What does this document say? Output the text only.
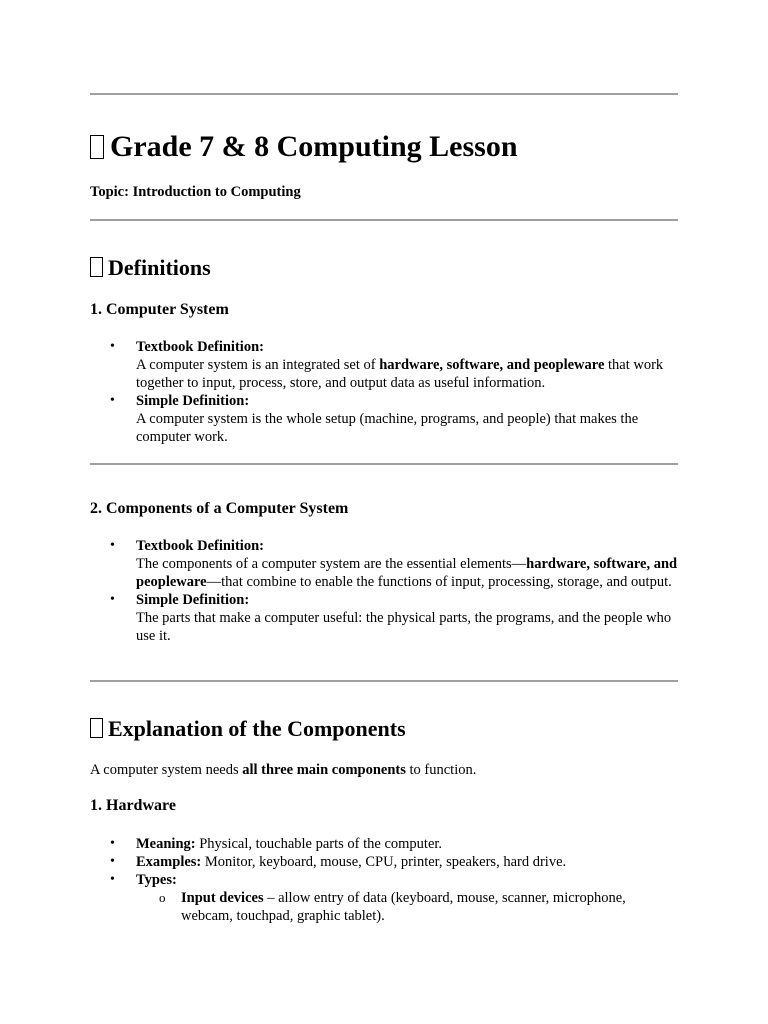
Grade 7 & 8 Computing Lesson
Topic: Introduction to Computing
Definitions
1. Computer System
• Textbook Definition:
A computer system is an integrated set of hardware, software, and peopleware that work together to input, process, store, and output data as useful information.
• Simple Definition:
A computer system is the whole setup (machine, programs, and people) that makes the computer work.
2. Components of a Computer System
• Textbook Definition:
The components of a computer system are the essential elements—hardware, software, and peopleware—that combine to enable the functions of input, processing, storage, and output.
• Simple Definition:
The parts that make a computer useful: the physical parts, the programs, and the people who use it.
Explanation of the Components
A computer system needs all three main components to function.
1. Hardware
• Meaning: Physical, touchable parts of the computer.
• Examples: Monitor, keyboard, mouse, CPU, printer, speakers, hard drive.
• Types:
o Input devices – allow entry of data (keyboard, mouse, scanner, microphone, webcam, touchpad, graphic tablet).
